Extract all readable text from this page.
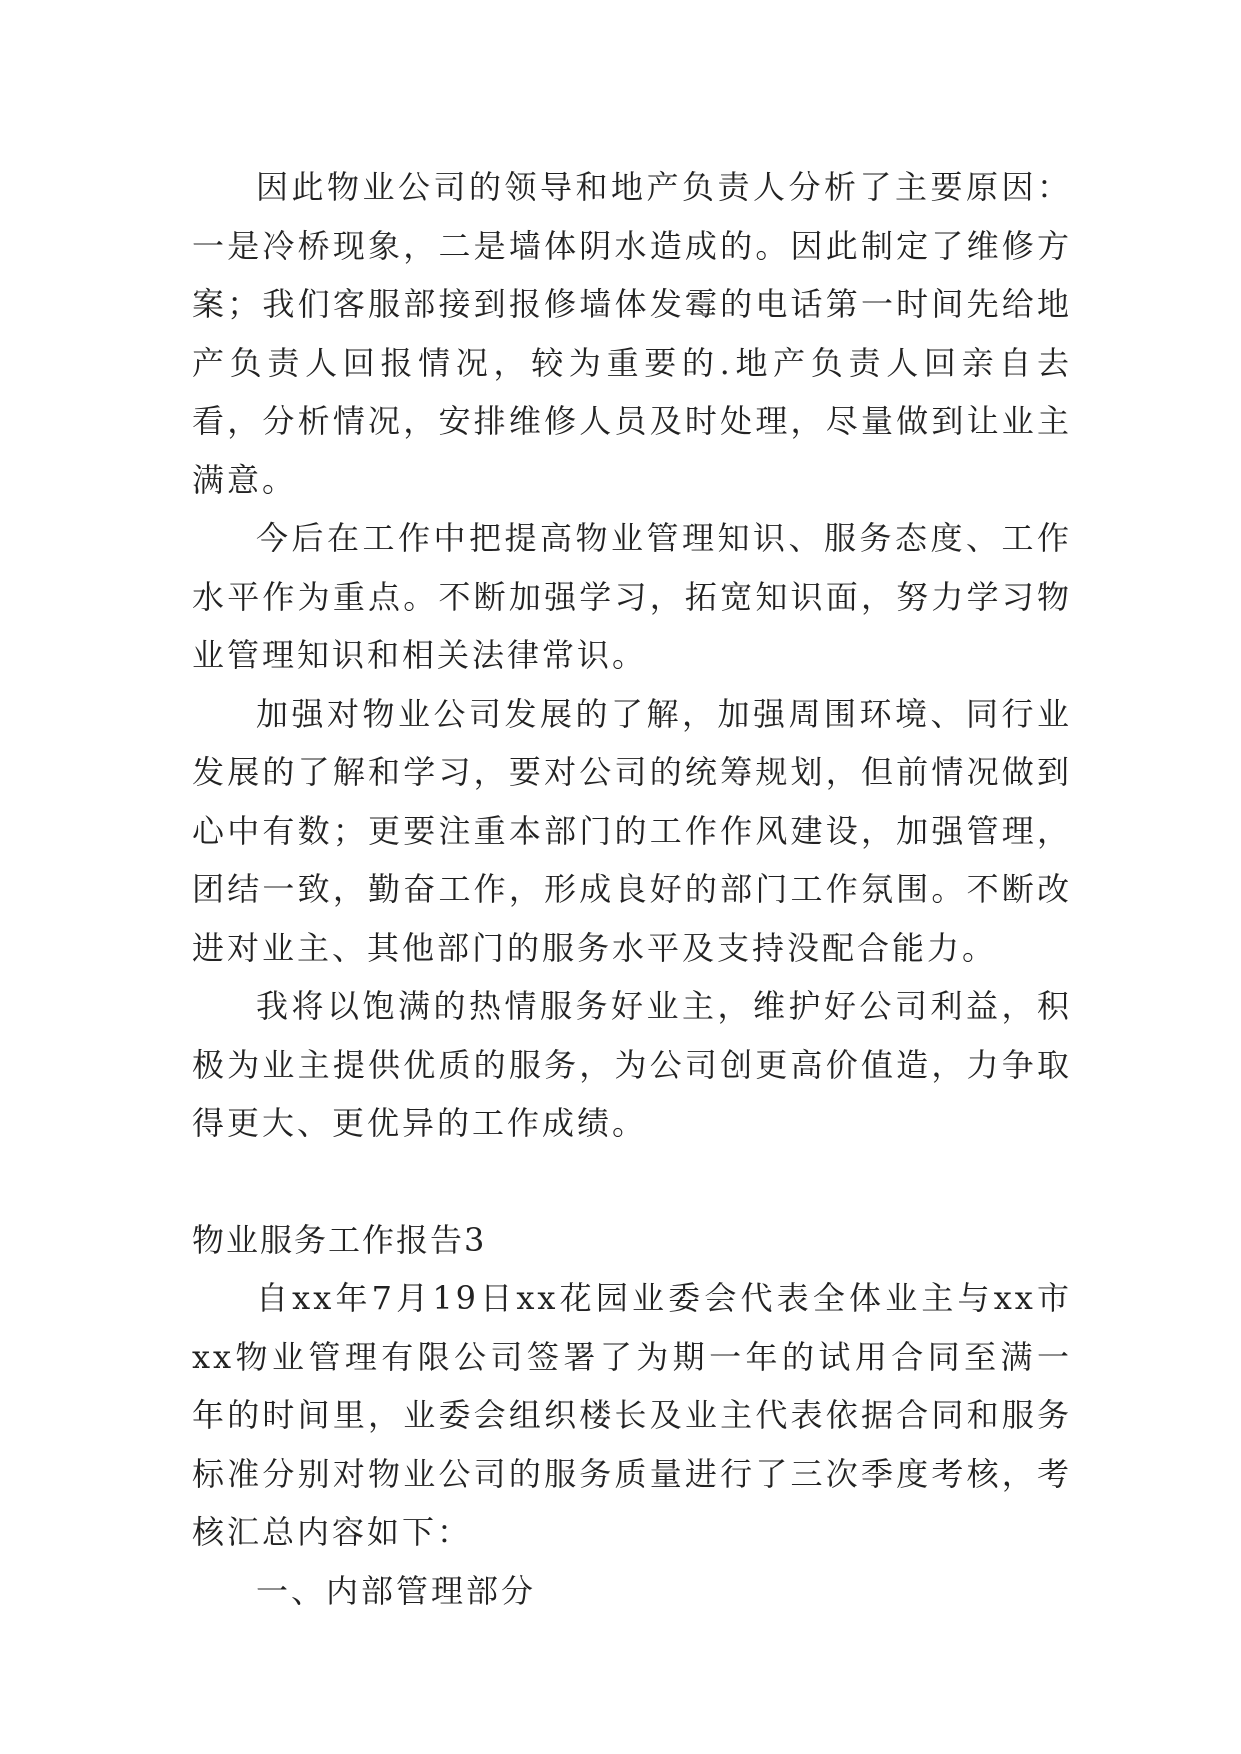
因此物业公司的领导和地产负责人分析了主要原因：一是冷桥现象，二是墙体阴水造成的。因此制定了维修方案；我们客服部接到报修墙体发霉的电话第一时间先给地产负责人回报情况，较为重要的.地产负责人回亲自去看，分析情况，安排维修人员及时处理，尽量做到让业主满意。

今后在工作中把提高物业管理知识、服务态度、工作水平作为重点。不断加强学习，拓宽知识面，努力学习物业管理知识和相关法律常识。

加强对物业公司发展的了解，加强周围环境、同行业发展的了解和学习，要对公司的统筹规划，但前情况做到心中有数；更要注重本部门的工作作风建设，加强管理，团结一致，勤奋工作，形成良好的部门工作氛围。不断改进对业主、其他部门的服务水平及支持没配合能力。

我将以饱满的热情服务好业主，维护好公司利益，积极为业主提供优质的服务，为公司创更高价值造，力争取得更大、更优异的工作成绩。

物业服务工作报告3

自xx年7月19日xx花园业委会代表全体业主与xx市xx物业管理有限公司签署了为期一年的试用合同至满一年的时间里，业委会组织楼长及业主代表依据合同和服务标准分别对物业公司的服务质量进行了三次季度考核，考核汇总内容如下：

一、内部管理部分
